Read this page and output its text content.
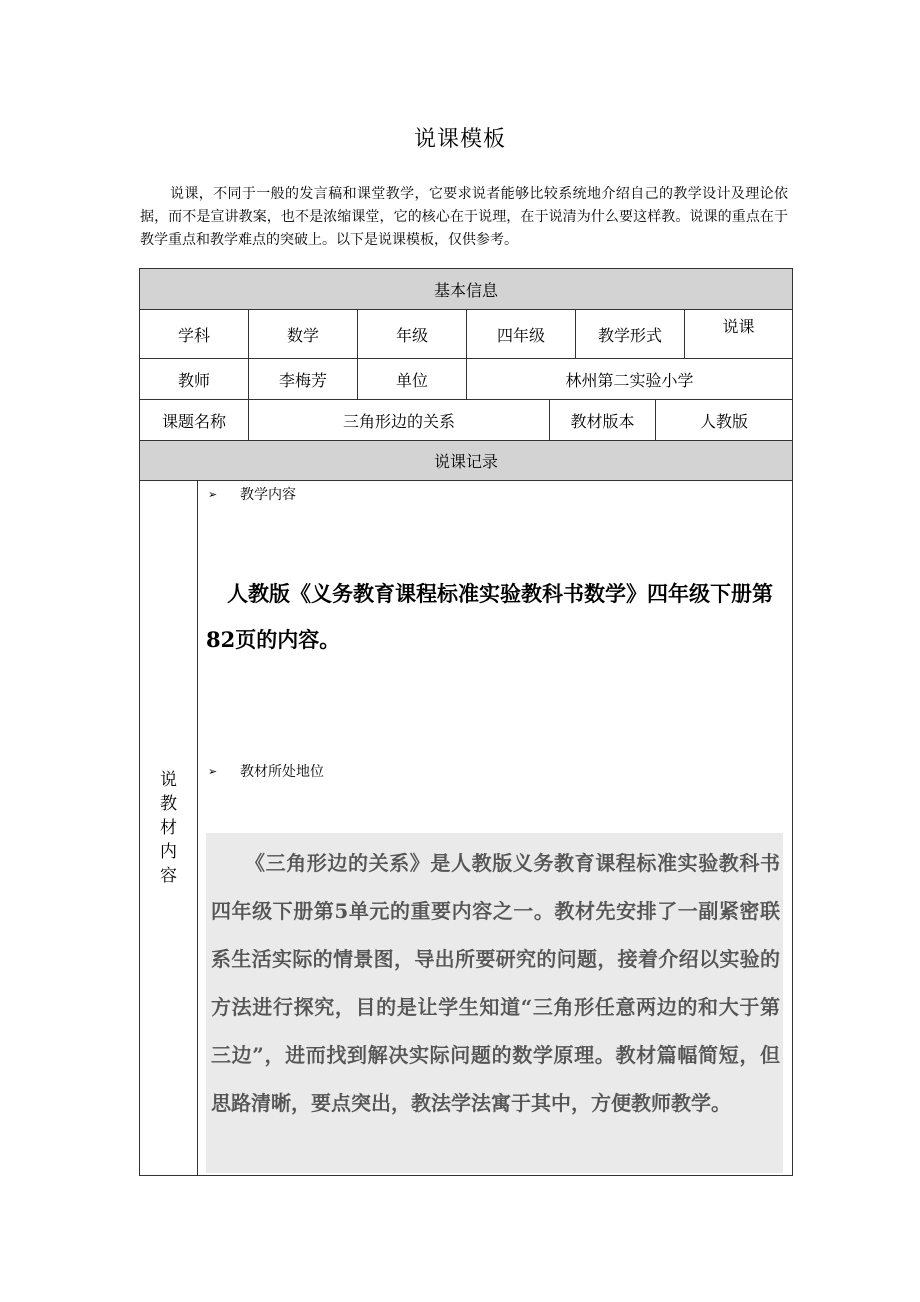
说课模板
说课，不同于一般的发言稿和课堂教学，它要求说者能够比较系统地介绍自己的教学设计及理论依据，而不是宣讲教案，也不是浓缩课堂，它的核心在于说理，在于说清为什么要这样教。说课的重点在于教学重点和教学难点的突破上。以下是说课模板，仅供参考。
基本信息
学科	数学	年级	四年级	教学形式	说课
教师	李梅芳	单位	林州第二实验小学
课题名称	三角形边的关系	教材版本	人教版
说课记录
说教材内容
➢	教学内容
人教版《义务教育课程标准实验教科书数学》四年级下册第82页的内容。
➢	教材所处地位
《三角形边的关系》是人教版义务教育课程标准实验教科书四年级下册第5单元的重要内容之一。教材先安排了一副紧密联系生活实际的情景图，导出所要研究的问题，接着介绍以实验的方法进行探究，目的是让学生知道“三角形任意两边的和大于第三边”，进而找到解决实际问题的数学原理。教材篇幅简短，但思路清晰，要点突出，教法学法寓于其中，方便教师教学。
